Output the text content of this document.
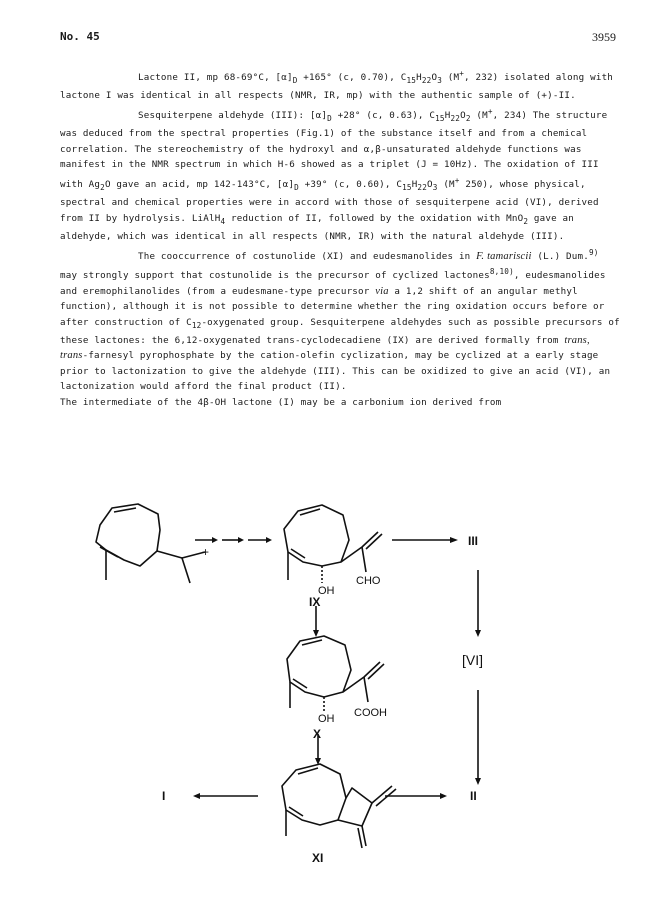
No. 45	3959

Lactone II, mp 68-69°C, $[\alpha]_D +165^\circ$ (c, 0.70), $C_{15}H_{22}O_3$ (M+, 232) isolated along with lactone I was identical in all respects (NMR, IR, mp) with the authentic sample of (+)-II.

Sesquiterpene aldehyde (III): $[\alpha]_D +28^\circ$ (c, 0.63), $C_{15}H_{22}O_2$ (M+, 234) The structure was deduced from the spectral properties (Fig.1) of the substance itself and from a chemical correlation. The stereochemistry of the hydroxyl and α,β-unsaturated aldehyde functions was manifest in the NMR spectrum in which H-6 showed as a triplet (J = 10Hz). The oxidation of III with $Ag_2O$ gave an acid, mp 142-143°C, $[\alpha]_D +39^\circ$ (c, 0.60), $C_{15}H_{22}O_3$ (M+ 250), whose physical, spectral and chemical properties were in accord with those of sesquiterpene acid (VI), derived from II by hydrolysis. LiAlH$_4$ reduction of II, followed by the oxidation with MnO$_2$ gave an aldehyde, which was identical in all respects (NMR, IR) with the natural aldehyde (III).

The cooccurrence of costunolide (XI) and eudesmanolides in F. tamariscii (L.) Dum.$^{9)}$ may strongly support that costunolide is the precursor of cyclized lactones$^{8,10)}$, eudesmanolides and eremophilanolides (from a eudesmane-type precursor via a 1,2 shift of an angular methyl function), although it is not possible to determine whether the ring oxidation occurs before or after construction of $C_{12}$-oxygenated group. Sesquiterpene aldehydes such as possible precursors of these lactones: the 6,12-oxygenated trans-cyclodecadiene (IX) are derived formally from trans, trans-farnesyl pyrophosphate by the cation-olefin cyclization, may be cyclized at a early stage prior to lactonization to give the aldehyde (III). This can be oxidized to give an acid (VI), an lactonization would afford the final product (II).

The intermediate of the 4β-OH lactone (I) may be a carbonium ion derived from

+
OH
CHO
III
IX
[VI]
OH COOH
X
I	II
XI
